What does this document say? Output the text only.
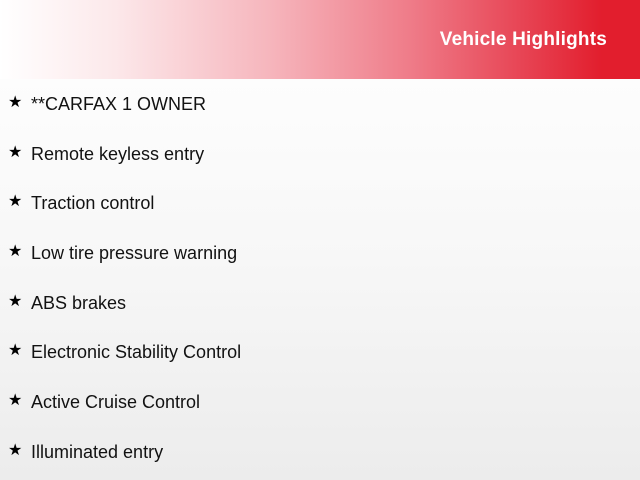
Vehicle Highlights
★ **CARFAX 1 OWNER
★ Remote keyless entry
★ Traction control
★ Low tire pressure warning
★ ABS brakes
★ Electronic Stability Control
★ Active Cruise Control
★ Illuminated entry
